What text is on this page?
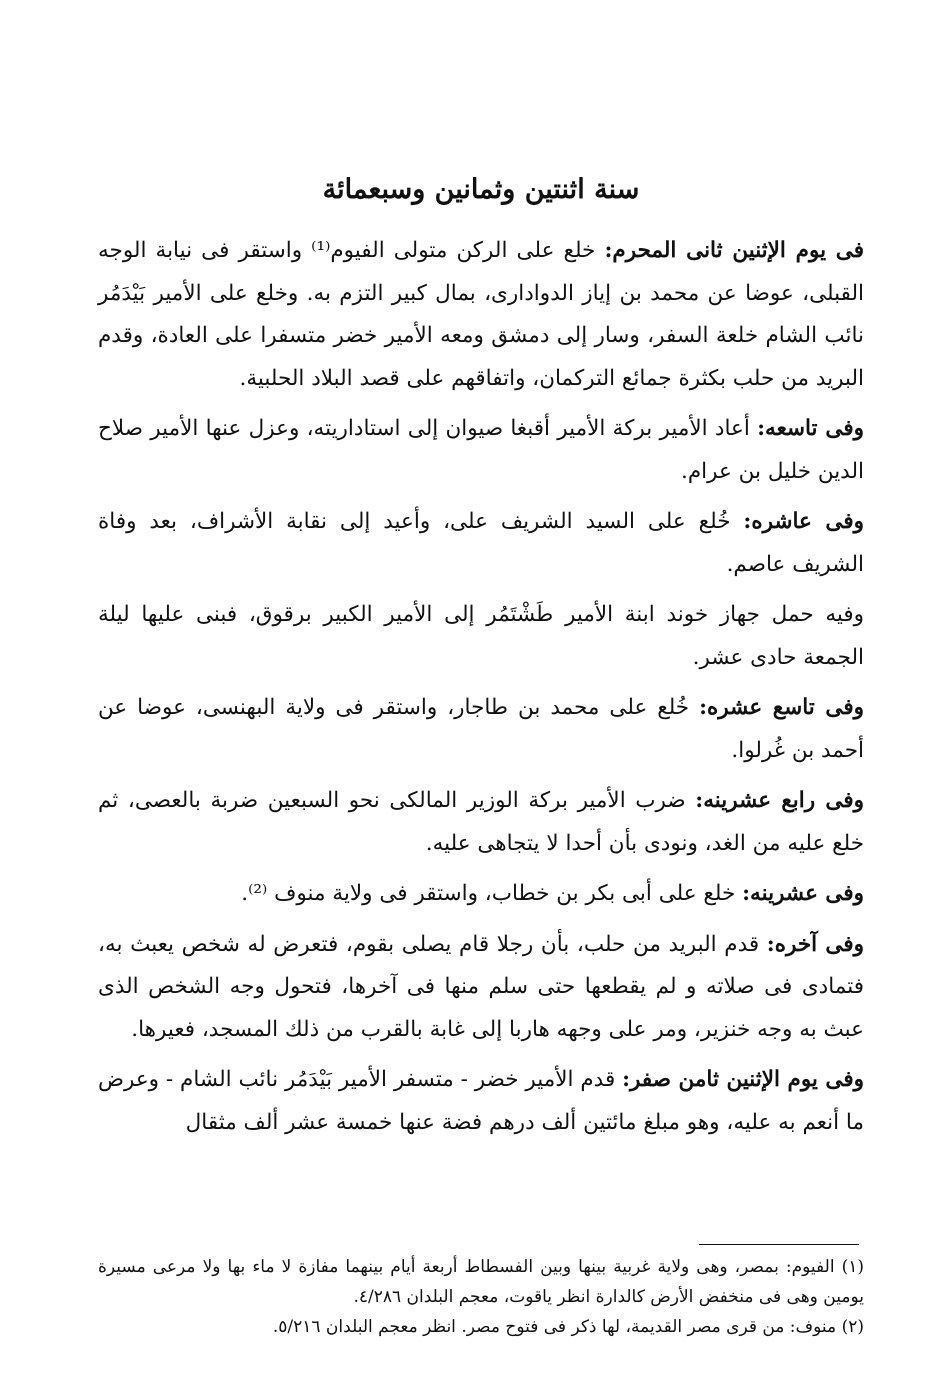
سنة اثنتين وثمانين وسبعمائة

فى يوم الإثنين ثانى المحرم: خلع على الركن متولى الفيوم⁽¹⁾ واستقر فى نيابة الوجه القبلى، عوضا عن محمد بن إياز الدوادارى، بمال كبير التزم به. وخلع على الأمير بَيْدَمُر نائب الشام خلعة السفر، وسار إلى دمشق ومعه الأمير خضر متسفرا على العادة، وقدم البريد من حلب بكثرة جمائع التركمان، واتفاقهم على قصد البلاد الحلبية.

وفى تاسعه: أعاد الأمير بركة الأمير أقبغا صيوان إلى استاداريته، وعزل عنها الأمير صلاح الدين خليل بن عرام.

وفى عاشره: خُلع على السيد الشريف على، وأعيد إلى نقابة الأشراف، بعد وفاة الشريف عاصم.

وفيه حمل جهاز خوند ابنة الأمير طَشْتَمُر إلى الأمير الكبير برقوق، فبنى عليها ليلة الجمعة حادى عشر.

وفى تاسع عشره: خُلع على محمد بن طاجار، واستقر فى ولاية البهنسى، عوضا عن أحمد بن غُرلوا.

وفى رابع عشرينه: ضرب الأمير بركة الوزير المالكى نحو السبعين ضربة بالعصى، ثم خلع عليه من الغد، ونودى بأن أحدا لا يتجاهى عليه.

وفى عشرينه: خلع على أبى بكر بن خطاب، واستقر فى ولاية منوف ⁽²⁾.

وفى آخره: قدم البريد من حلب، بأن رجلا قام يصلى بقوم، فتعرض له شخص يعبث به، فتمادى فى صلاته و لم يقطعها حتى سلم منها فى آخرها، فتحول وجه الشخص الذى عبث به وجه خنزير، ومر على وجهه هاربا إلى غابة بالقرب من ذلك المسجد، فعيرها.

وفى يوم الإثنين ثامن صفر: قدم الأمير خضر - متسفر الأمير بَيْدَمُر نائب الشام - وعرض ما أنعم به عليه، وهو مبلغ مائتين ألف درهم فضة عنها خمسة عشر ألف مثقال

(١) الفيوم: بمصر، وهى ولاية غربية بينها وبين الفسطاط أربعة أيام بينهما مفازة لا ماء بها ولا مرعى مسيرة يومين وهى فى منخفض الأرض كالدارة انظر ياقوت، معجم البلدان ٤/٢٨٦.

(٢) منوف: من قرى مصر القديمة، لها ذكر فى فتوح مصر. انظر معجم البلدان ٥/٢١٦.
